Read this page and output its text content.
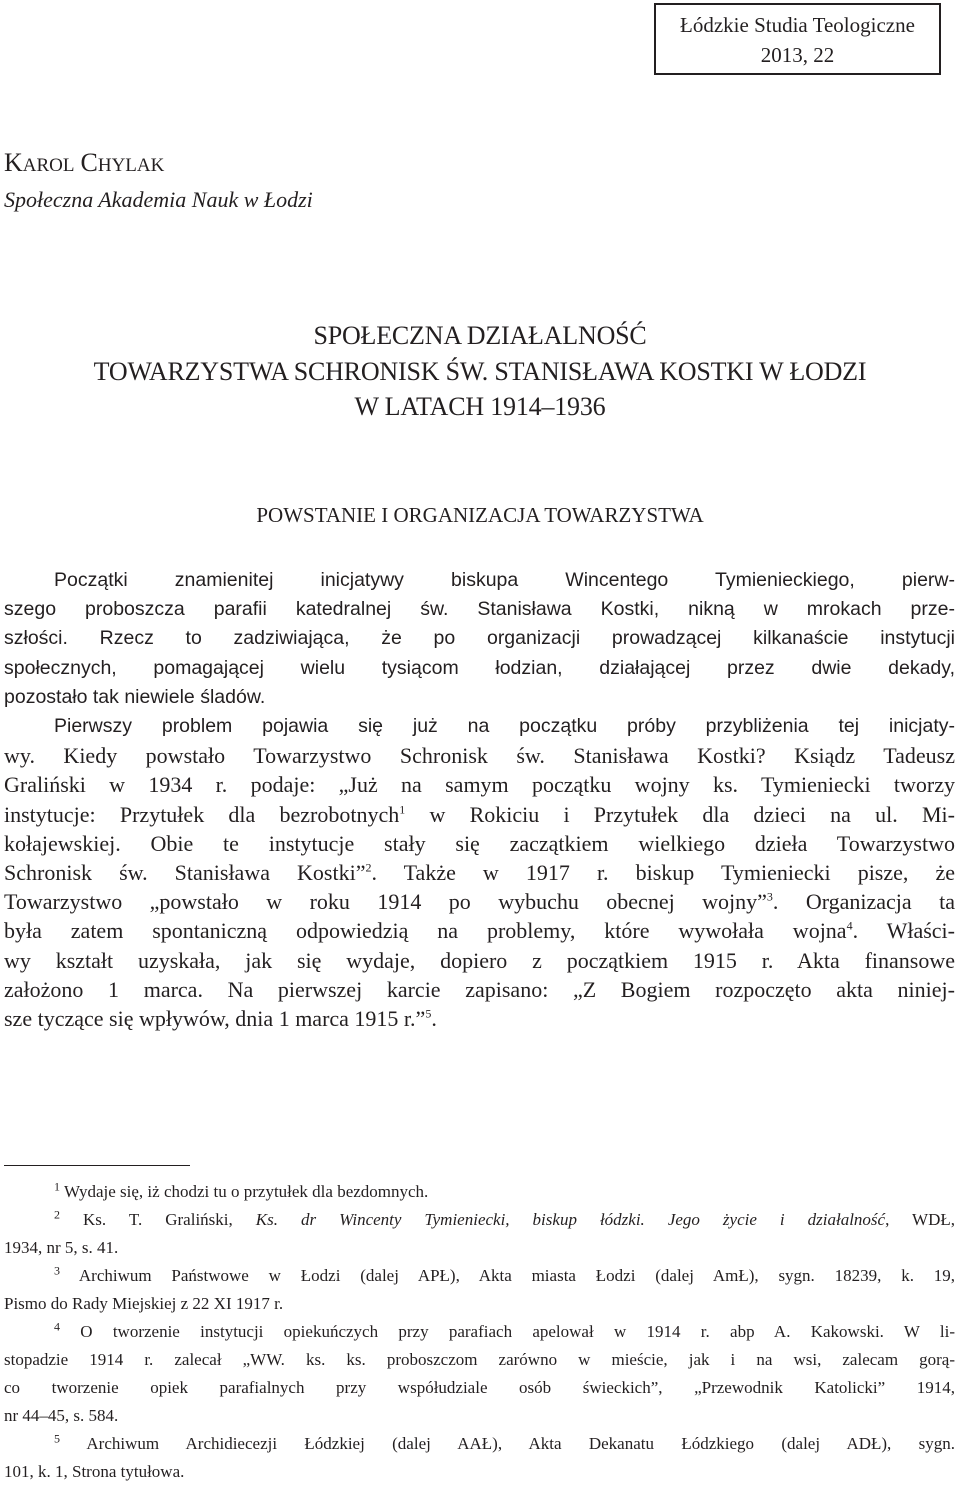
Łódzkie Studia Teologiczne
2013, 22
KAROL CHYLAK
Społeczna Akademia Nauk w Łodzi
SPOŁECZNA DZIAŁALNOŚĆ
TOWARZYSTWA SCHRONISK ŚW. STANISŁAWA KOSTKI W ŁODZI
W LATACH 1914–1936
POWSTANIE I ORGANIZACJA TOWARZYSTWA
Początki znamienitej inicjatywy biskupa Wincentego Tymienieckiego, pierw-
szego proboszcza parafii katedralnej św. Stanisława Kostki, nikną w mrokach prze-
szłości. Rzecz to zadziwiająca, że po organizacji prowadzącej kilkanaście instytucji
społecznych, pomagającej wielu tysiącom łodzian, działającej przez dwie dekady,
pozostało tak niewiele śladów.
Pierwszy problem pojawia się już na początku próby przybliżenia tej inicjaty-
wy. Kiedy powstało Towarzystwo Schronisk św. Stanisława Kostki? Ksiądz Tadeusz
Graliński w 1934 r. podaje: „Już na samym początku wojny ks. Tymieniecki tworzy
instytucje: Przytułek dla bezrobotnych$^1$ w Rokiciu i Przytułek dla dzieci na ul. Mi-
kołajewskiej. Obie te instytucje stały się zaczątkiem wielkiego dzieła Towarzystwo
Schronisk św. Stanisława Kostki”$^2$. Także w 1917 r. biskup Tymieniecki pisze, że
Towarzystwo „powstało w roku 1914 po wybuchu obecnej wojny”$^3$. Organizacja ta
była zatem spontaniczną odpowiedzią na problemy, które wywołała wojna$^4$. Właści-
wy kształt uzyskała, jak się wydaje, dopiero z początkiem 1915 r. Akta finansowe
założono 1 marca. Na pierwszej karcie zapisano: „Z Bogiem rozpoczęto akta niniej-
sze tyczące się wpływów, dnia 1 marca 1915 r.”$^5$.
$^1$ Wydaje się, iż chodzi tu o przytułek dla bezdomnych.
$^2$ Ks. T. Graliński, Ks. dr Wincenty Tymieniecki, biskup łódzki. Jego życie i działalność, WDŁ,
1934, nr 5, s. 41.
$^3$ Archiwum Państwowe w Łodzi (dalej APŁ), Akta miasta Łodzi (dalej AmŁ), sygn. 18239, k. 19,
Pismo do Rady Miejskiej z 22 XI 1917 r.
$^4$ O tworzenie instytucji opiekuńczych przy parafiach apelował w 1914 r. abp A. Kakowski. W li-
stopadzie 1914 r. zalecał „WW. ks. ks. proboszczom zarówno w mieście, jak i na wsi, zalecam gorą-
co tworzenie opiek parafialnych przy współudziale osób świeckich”, „Przewodnik Katolicki” 1914,
nr 44–45, s. 584.
$^5$ Archiwum Archidiecezji Łódzkiej (dalej AAŁ), Akta Dekanatu Łódzkiego (dalej ADŁ), sygn.
101, k. 1, Strona tytułowa.
